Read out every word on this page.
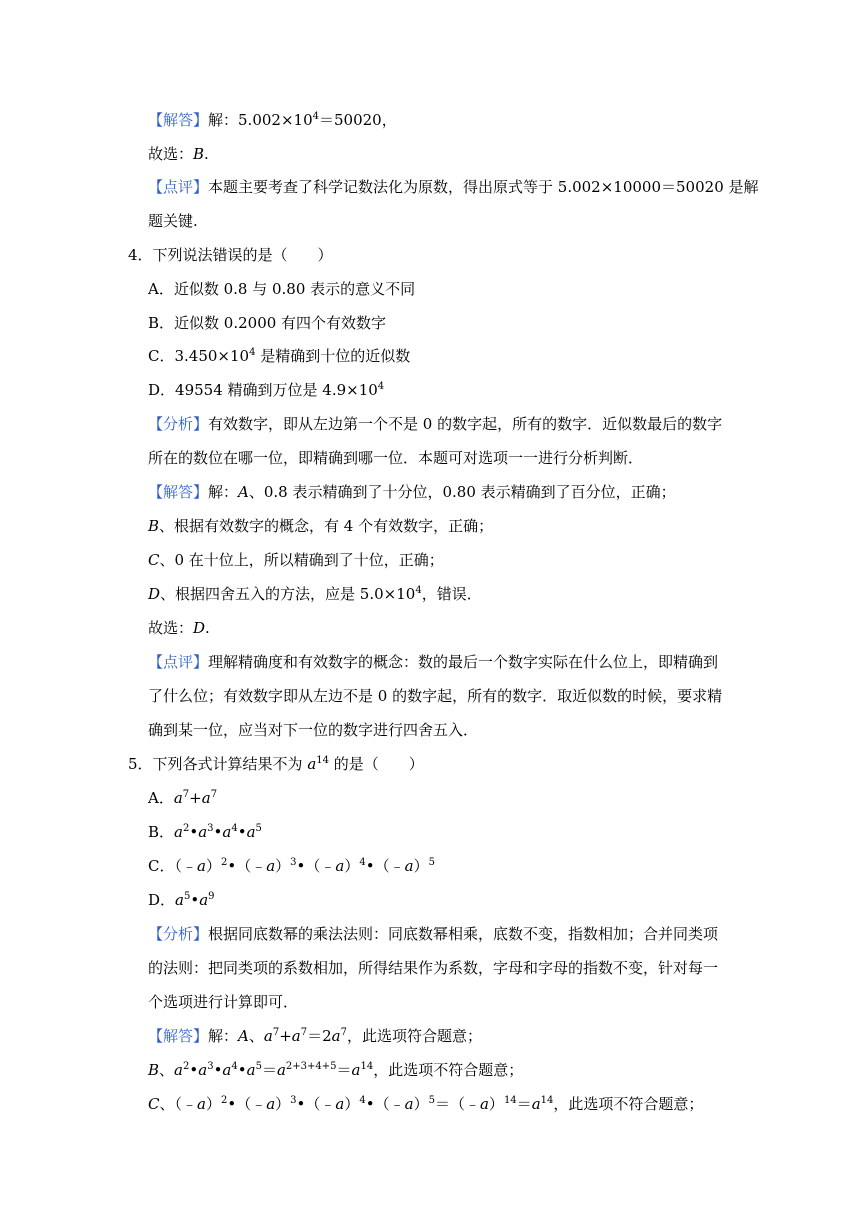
【解答】解：$5.002\times 10^4=50020$，
故选：B.
【点评】本题主要考查了科学记数法化为原数，得出原式等于 5.002×10000＝50020 是解
题关键.
4．下列说法错误的是（　　）
A．近似数 0.8 与 0.80 表示的意义不同
B．近似数 0.2000 有四个有效数字
C．$3.450\times 10^4$ 是精确到十位的近似数
D．49554 精确到万位是 $4.9\times 10^4$
【分析】有效数字，即从左边第一个不是 0 的数字起，所有的数字．近似数最后的数字
所在的数位在哪一位，即精确到哪一位．本题可对选项一一进行分析判断．
【解答】解：A、0.8 表示精确到了十分位，0.80 表示精确到了百分位，正确；
B、根据有效数字的概念，有 4 个有效数字，正确；
C、0 在十位上，所以精确到了十位，正确；
D、根据四舍五入的方法，应是 $5.0\times 10^4$，错误．
故选：D.
【点评】理解精确度和有效数字的概念：数的最后一个数字实际在什么位上，即精确到
了什么位；有效数字即从左边不是 0 的数字起，所有的数字．取近似数的时候，要求精
确到某一位，应当对下一位的数字进行四舍五入．
5．下列各式计算结果不为 $a^{14}$ 的是（　　）
A．$a^7+a^7$
B．$a^2•a^3•a^4•a^5$
C．（﹣a）$^2$•（﹣a）$^3$•（﹣a）$^4$•（﹣a）$^5$
D．$a^5•a^9$
【分析】根据同底数幂的乘法法则：同底数幂相乘，底数不变，指数相加；合并同类项
的法则：把同类项的系数相加，所得结果作为系数，字母和字母的指数不变，针对每一
个选项进行计算即可．
【解答】解：A、$a^7+a^7=2a^7$，此选项符合题意；
B、$a^2•a^3•a^4•a^5=a^{2+3+4+5}=a^{14}$，此选项不符合题意；
C、$(﹣a)^2•(﹣a)^3•(﹣a)^4•(﹣a)^5=(﹣a)^{14}=a^{14}$，此选项不符合题意；
